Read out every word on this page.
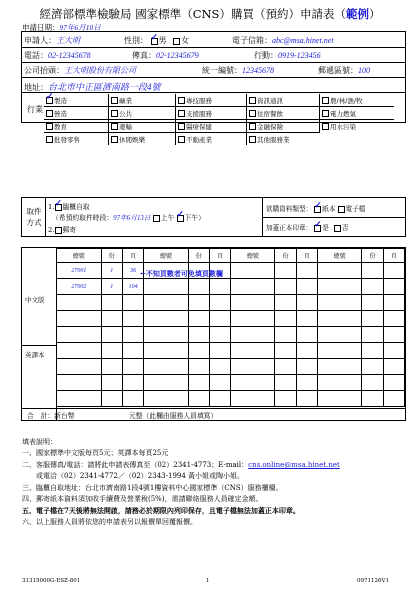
經濟部標準檢驗局 國家標準（CNS）購買（預約）申請表（範例）
申請日期：97年6月10日
申請人：王大明	性別： ✓ 男 女	電子信箱：abc@msa.hinet.net
電話：02-12345678	傳真：02-12345679	行動：0919-123456
公司抬頭：王大明股份有限公司	統一編號：12345678	郵遞區號：100
地址：台北市中正區濟南路一段4號
行業
✓製造	礦業	專技服務	資訊通訊	農/林/漁/牧
營造	公共	支援服務	住宿餐飲	電力燃氣
教育	運輸	醫療保健	金融保險	用水污染
批發零售	休閒娛樂	不動產業	其他服務業	
取件方式
1. ✓ 臨櫃自取
（希預約取件時段：97年6月13日 上午 ✓ 下午）
2. 郵寄
欲購資料類型： ✓ 紙本 電子檔
加蓋正本印章： ✓ 是 否
中文版
英譯本
總號	份	頁	總號	份	頁	總號	份	頁	總號	份	頁
27001	1	36									
27002	1	104									

←不知頁數者可免填頁數欄
合　計：新台幣	元整（此欄由服務人員填寫）
填表說明：
一、國家標準中文版每頁5元；英譯本每頁25元
二、客服傳真/電話：請將此申請表傳真至（02）2341-4773；E-mail：cns.online@msa.hinet.net
　　或電洽（02）2341-4772／（02）2343-1994 黃小姐或陶小姐。
三、臨櫃自取地址：台北市濟南路1段4號1樓資料中心國家標準（CNS）服務櫃檯。
四、郵寄紙本資料須加收手續費及營業稅(5%)，需請聯絡服務人員確定金額。
五、電子檔在7天後將無法開啟，請務必於期限內列印保存，且電子檔無法加蓋正本印章。
六、以上服務人員將依您的申請表另以報價單回覆報價。
31315000G-ESZ-801	1	0971126V1
